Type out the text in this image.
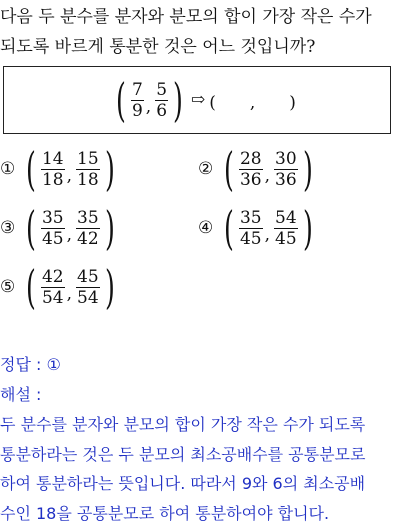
다음 두 분수를 분자와 분모의 합이 가장 작은 수가
되도록 바르게 통분한 것은 어느 것입니까?
( $\frac{7}{9}$ , $\frac{5}{6}$ ) ⇨ (　　,　　)
① ( $\frac{14}{18}$ , $\frac{15}{18}$ )	② ( $\frac{28}{36}$ , $\frac{30}{36}$ )
③ ( $\frac{35}{45}$ , $\frac{35}{42}$ )	④ ( $\frac{35}{45}$ , $\frac{54}{45}$ )
⑤ ( $\frac{42}{54}$ , $\frac{45}{54}$ )
정답 : ①
해설 :
두 분수를 분자와 분모의 합이 가장 작은 수가 되도록
통분하라는 것은 두 분모의 최소공배수를 공통분모로
하여 통분하라는 뜻입니다. 따라서 9와 6의 최소공배
수인 18을 공통분모로 하여 통분하여야 합니다.
